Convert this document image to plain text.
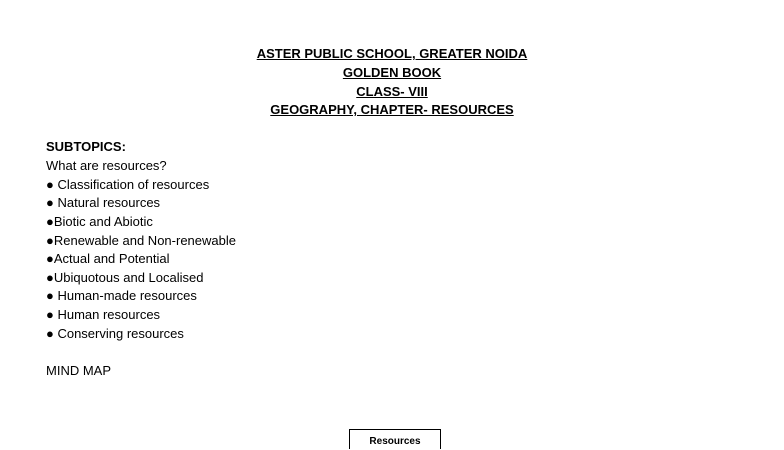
ASTER PUBLIC SCHOOL, GREATER NOIDA
GOLDEN BOOK
CLASS- VIII
GEOGRAPHY, CHAPTER- RESOURCES
SUBTOPICS:
What are resources?
● Classification of resources
● Natural resources
●Biotic and Abiotic
●Renewable and Non-renewable
●Actual and Potential
●Ubiquotous and Localised
● Human-made resources
● Human resources
● Conserving resources
MIND MAP
Resources
